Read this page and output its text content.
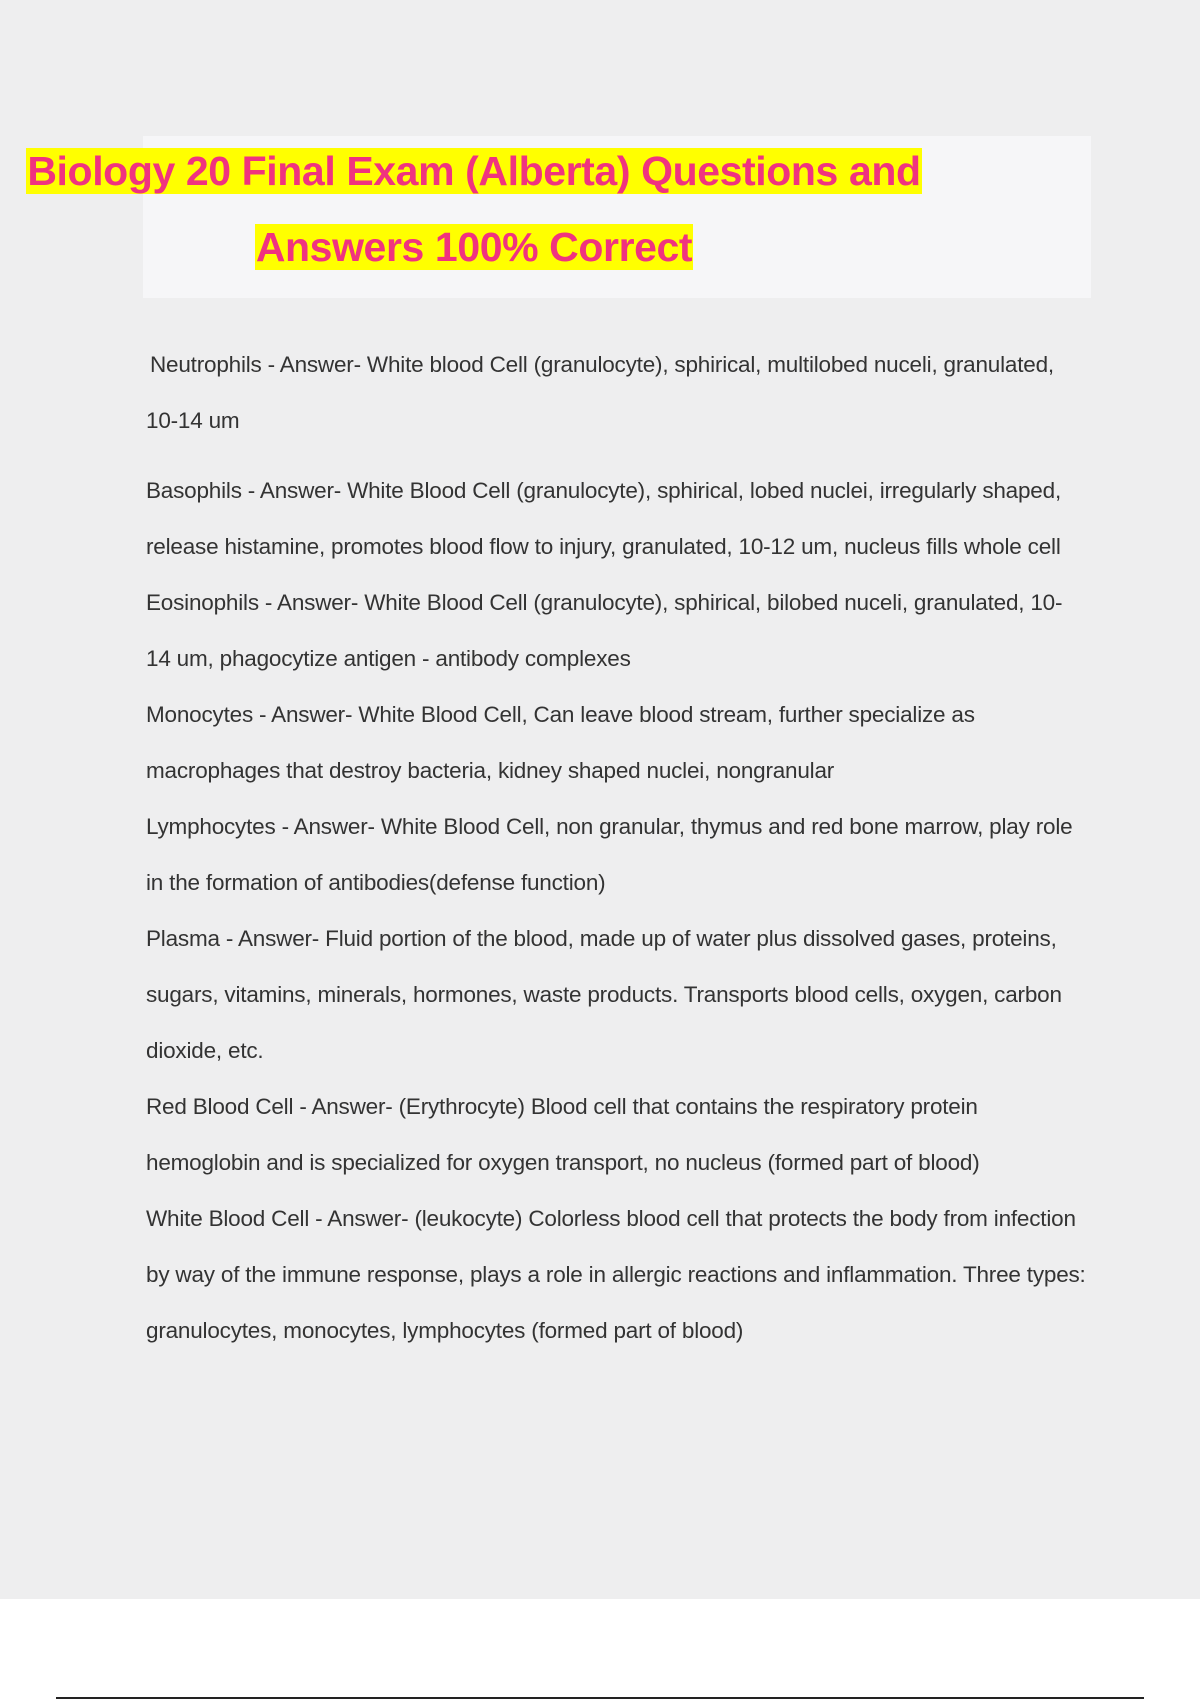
Biology 20 Final Exam (Alberta) Questions and
Answers 100% Correct

Neutrophils - Answer- White blood Cell (granulocyte), sphirical, multilobed nuceli, granulated, 10-14 um

Basophils - Answer- White Blood Cell (granulocyte), sphirical, lobed nuclei, irregularly shaped, release histamine, promotes blood flow to injury, granulated, 10-12 um, nucleus fills whole cell

Eosinophils - Answer- White Blood Cell (granulocyte), sphirical, bilobed nuceli, granulated, 10-14 um, phagocytize antigen - antibody complexes

Monocytes - Answer- White Blood Cell, Can leave blood stream, further specialize as macrophages that destroy bacteria, kidney shaped nuclei, nongranular

Lymphocytes - Answer- White Blood Cell, non granular, thymus and red bone marrow, play role in the formation of antibodies(defense function)

Plasma - Answer- Fluid portion of the blood, made up of water plus dissolved gases, proteins, sugars, vitamins, minerals, hormones, waste products. Transports blood cells, oxygen, carbon dioxide, etc.

Red Blood Cell - Answer- (Erythrocyte) Blood cell that contains the respiratory protein hemoglobin and is specialized for oxygen transport, no nucleus (formed part of blood)

White Blood Cell - Answer- (leukocyte) Colorless blood cell that protects the body from infection by way of the immune response, plays a role in allergic reactions and inflammation. Three types: granulocytes, monocytes, lymphocytes (formed part of blood)
